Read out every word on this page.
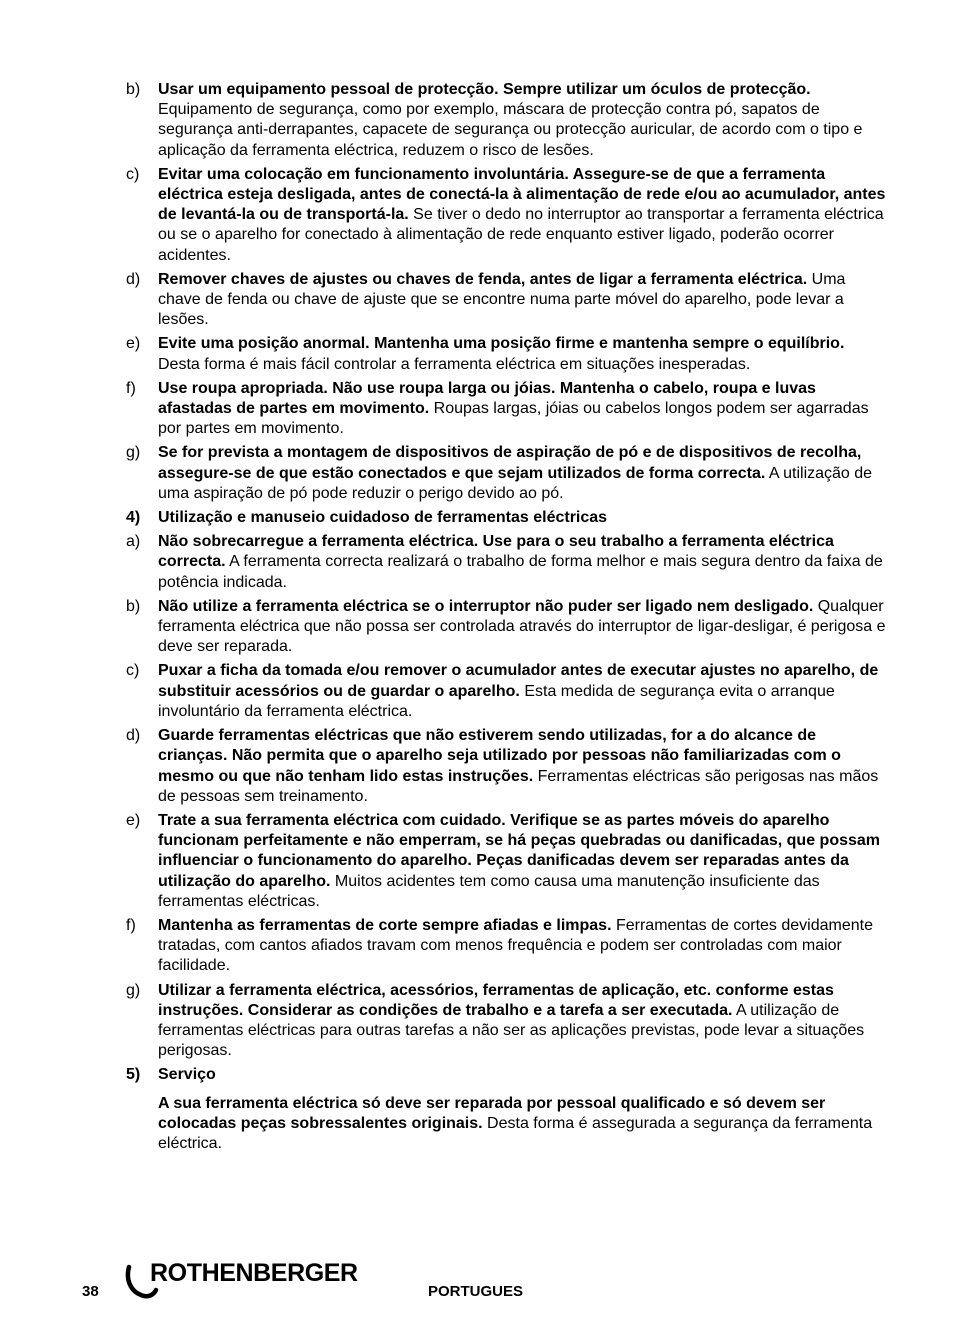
b)	Usar um equipamento pessoal de protecção. Sempre utilizar um óculos de protecção. Equipamento de segurança, como por exemplo, máscara de protecção contra pó, sapatos de segurança anti-derrapantes, capacete de segurança ou protecção auricular, de acordo com o tipo e aplicação da ferramenta eléctrica, reduzem o risco de lesões.
c)	Evitar uma colocação em funcionamento involuntária. Assegure-se de que a ferramenta eléctrica esteja desligada, antes de conectá-la à alimentação de rede e/ou ao acumulador, antes de levantá-la ou de transportá-la. Se tiver o dedo no interruptor ao transportar a ferramenta eléctrica ou se o aparelho for conectado à alimentação de rede enquanto estiver ligado, poderão ocorrer acidentes.
d)	Remover chaves de ajustes ou chaves de fenda, antes de ligar a ferramenta eléctrica. Uma chave de fenda ou chave de ajuste que se encontre numa parte móvel do aparelho, pode levar a lesões.
e)	Evite uma posição anormal. Mantenha uma posição firme e mantenha sempre o equilíbrio. Desta forma é mais fácil controlar a ferramenta eléctrica em situações inesperadas.
f)	Use roupa apropriada. Não use roupa larga ou jóias. Mantenha o cabelo, roupa e luvas afastadas de partes em movimento. Roupas largas, jóias ou cabelos longos podem ser agarradas por partes em movimento.
g)	Se for prevista a montagem de dispositivos de aspiração de pó e de dispositivos de recolha, assegure-se de que estão conectados e que sejam utilizados de forma correcta. A utilização de uma aspiração de pó pode reduzir o perigo devido ao pó.
4)	Utilização e manuseio cuidadoso de ferramentas eléctricas
a)	Não sobrecarregue a ferramenta eléctrica. Use para o seu trabalho a ferramenta eléctrica correcta. A ferramenta correcta realizará o trabalho de forma melhor e mais segura dentro da faixa de potência indicada.
b)	Não utilize a ferramenta eléctrica se o interruptor não puder ser ligado nem desligado. Qualquer ferramenta eléctrica que não possa ser controlada através do interruptor de ligar-desligar, é perigosa e deve ser reparada.
c)	Puxar a ficha da tomada e/ou remover o acumulador antes de executar ajustes no aparelho, de substituir acessórios ou de guardar o aparelho. Esta medida de segurança evita o arranque involuntário da ferramenta eléctrica.
d)	Guarde ferramentas eléctricas que não estiverem sendo utilizadas, for a do alcance de crianças. Não permita que o aparelho seja utilizado por pessoas não familiarizadas com o mesmo ou que não tenham lido estas instruções. Ferramentas eléctricas são perigosas nas mãos de pessoas sem treinamento.
e)	Trate a sua ferramenta eléctrica com cuidado. Verifique se as partes móveis do aparelho funcionam perfeitamente e não emperram, se há peças quebradas ou danificadas, que possam influenciar o funcionamento do aparelho. Peças danificadas devem ser reparadas antes da utilização do aparelho. Muitos acidentes tem como causa uma manutenção insuficiente das ferramentas eléctricas.
f)	Mantenha as ferramentas de corte sempre afiadas e limpas. Ferramentas de cortes devidamente tratadas, com cantos afiados travam com menos frequência e podem ser controladas com maior facilidade.
g)	Utilizar a ferramenta eléctrica, acessórios, ferramentas de aplicação, etc. conforme estas instruções. Considerar as condições de trabalho e a tarefa a ser executada. A utilização de ferramentas eléctricas para outras tarefas a não ser as aplicações previstas, pode levar a situações perigosas.
5)	Serviço
A sua ferramenta eléctrica só deve ser reparada por pessoal qualificado e só devem ser colocadas peças sobressalentes originais. Desta forma é assegurada a segurança da ferramenta eléctrica.
38
ROTHENBERGER
PORTUGUES
